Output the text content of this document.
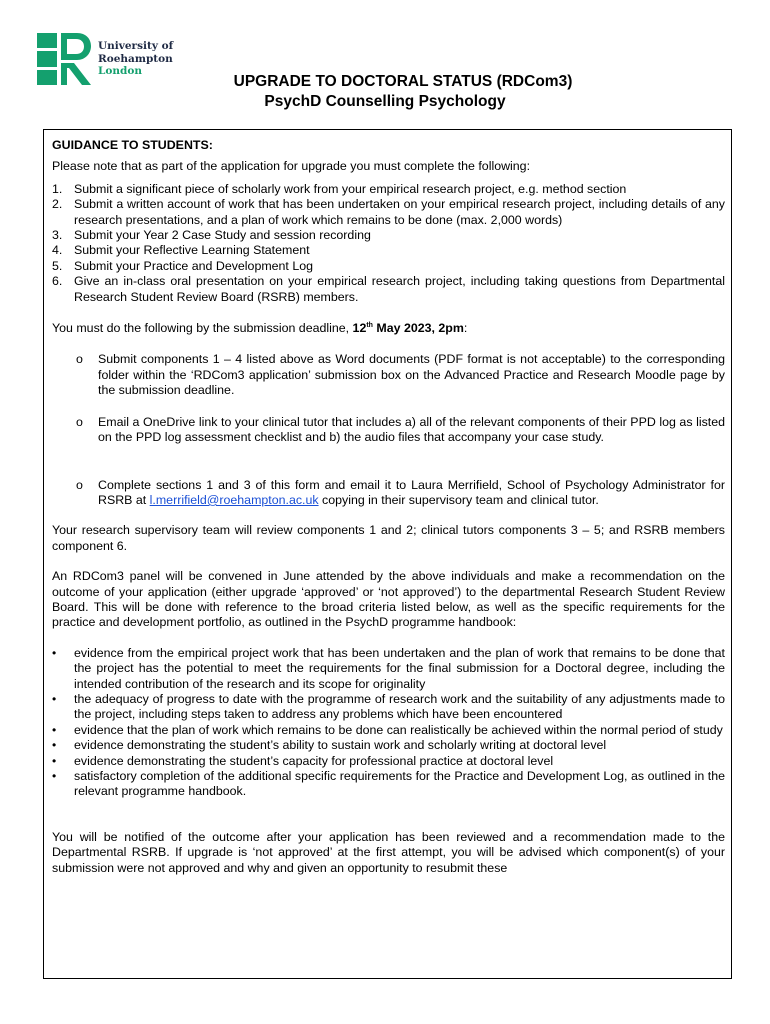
University of
Roehampton
London
UPGRADE TO DOCTORAL STATUS (RDCom3)
PsychD Counselling Psychology

GUIDANCE TO STUDENTS:

Please note that as part of the application for upgrade you must complete the following:

1. Submit a significant piece of scholarly work from your empirical research project, e.g. method section
2. Submit a written account of work that has been undertaken on your empirical research project, including details of any research presentations, and a plan of work which remains to be done (max. 2,000 words)
3. Submit your Year 2 Case Study and session recording
4. Submit your Reflective Learning Statement
5. Submit your Practice and Development Log
6. Give an in-class oral presentation on your empirical research project, including taking questions from Departmental Research Student Review Board (RSRB) members.

You must do the following by the submission deadline, 12th May 2023, 2pm:

o Submit components 1 – 4 listed above as Word documents (PDF format is not acceptable) to the corresponding folder within the ‘RDCom3 application’ submission box on the Advanced Practice and Research Moodle page by the submission deadline.
o Email a OneDrive link to your clinical tutor that includes a) all of the relevant components of their PPD log as listed on the PPD log assessment checklist and b) the audio files that accompany your case study.
o Complete sections 1 and 3 of this form and email it to Laura Merrifield, School of Psychology Administrator for RSRB at l.merrifield@roehampton.ac.uk copying in their supervisory team and clinical tutor.

Your research supervisory team will review components 1 and 2; clinical tutors components 3 – 5; and RSRB members component 6.

An RDCom3 panel will be convened in June attended by the above individuals and make a recommendation on the outcome of your application (either upgrade ‘approved’ or ‘not approved’) to the departmental Research Student Review Board. This will be done with reference to the broad criteria listed below, as well as the specific requirements for the practice and development portfolio, as outlined in the PsychD programme handbook:

• evidence from the empirical project work that has been undertaken and the plan of work that remains to be done that the project has the potential to meet the requirements for the final submission for a Doctoral degree, including the intended contribution of the research and its scope for originality
• the adequacy of progress to date with the programme of research work and the suitability of any adjustments made to the project, including steps taken to address any problems which have been encountered
• evidence that the plan of work which remains to be done can realistically be achieved within the normal period of study
• evidence demonstrating the student’s ability to sustain work and scholarly writing at doctoral level
• evidence demonstrating the student’s capacity for professional practice at doctoral level
• satisfactory completion of the additional specific requirements for the Practice and Development Log, as outlined in the relevant programme handbook.

You will be notified of the outcome after your application has been reviewed and a recommendation made to the Departmental RSRB. If upgrade is ‘not approved’ at the first attempt, you will be advised which component(s) of your submission were not approved and why and given an opportunity to resubmit these
